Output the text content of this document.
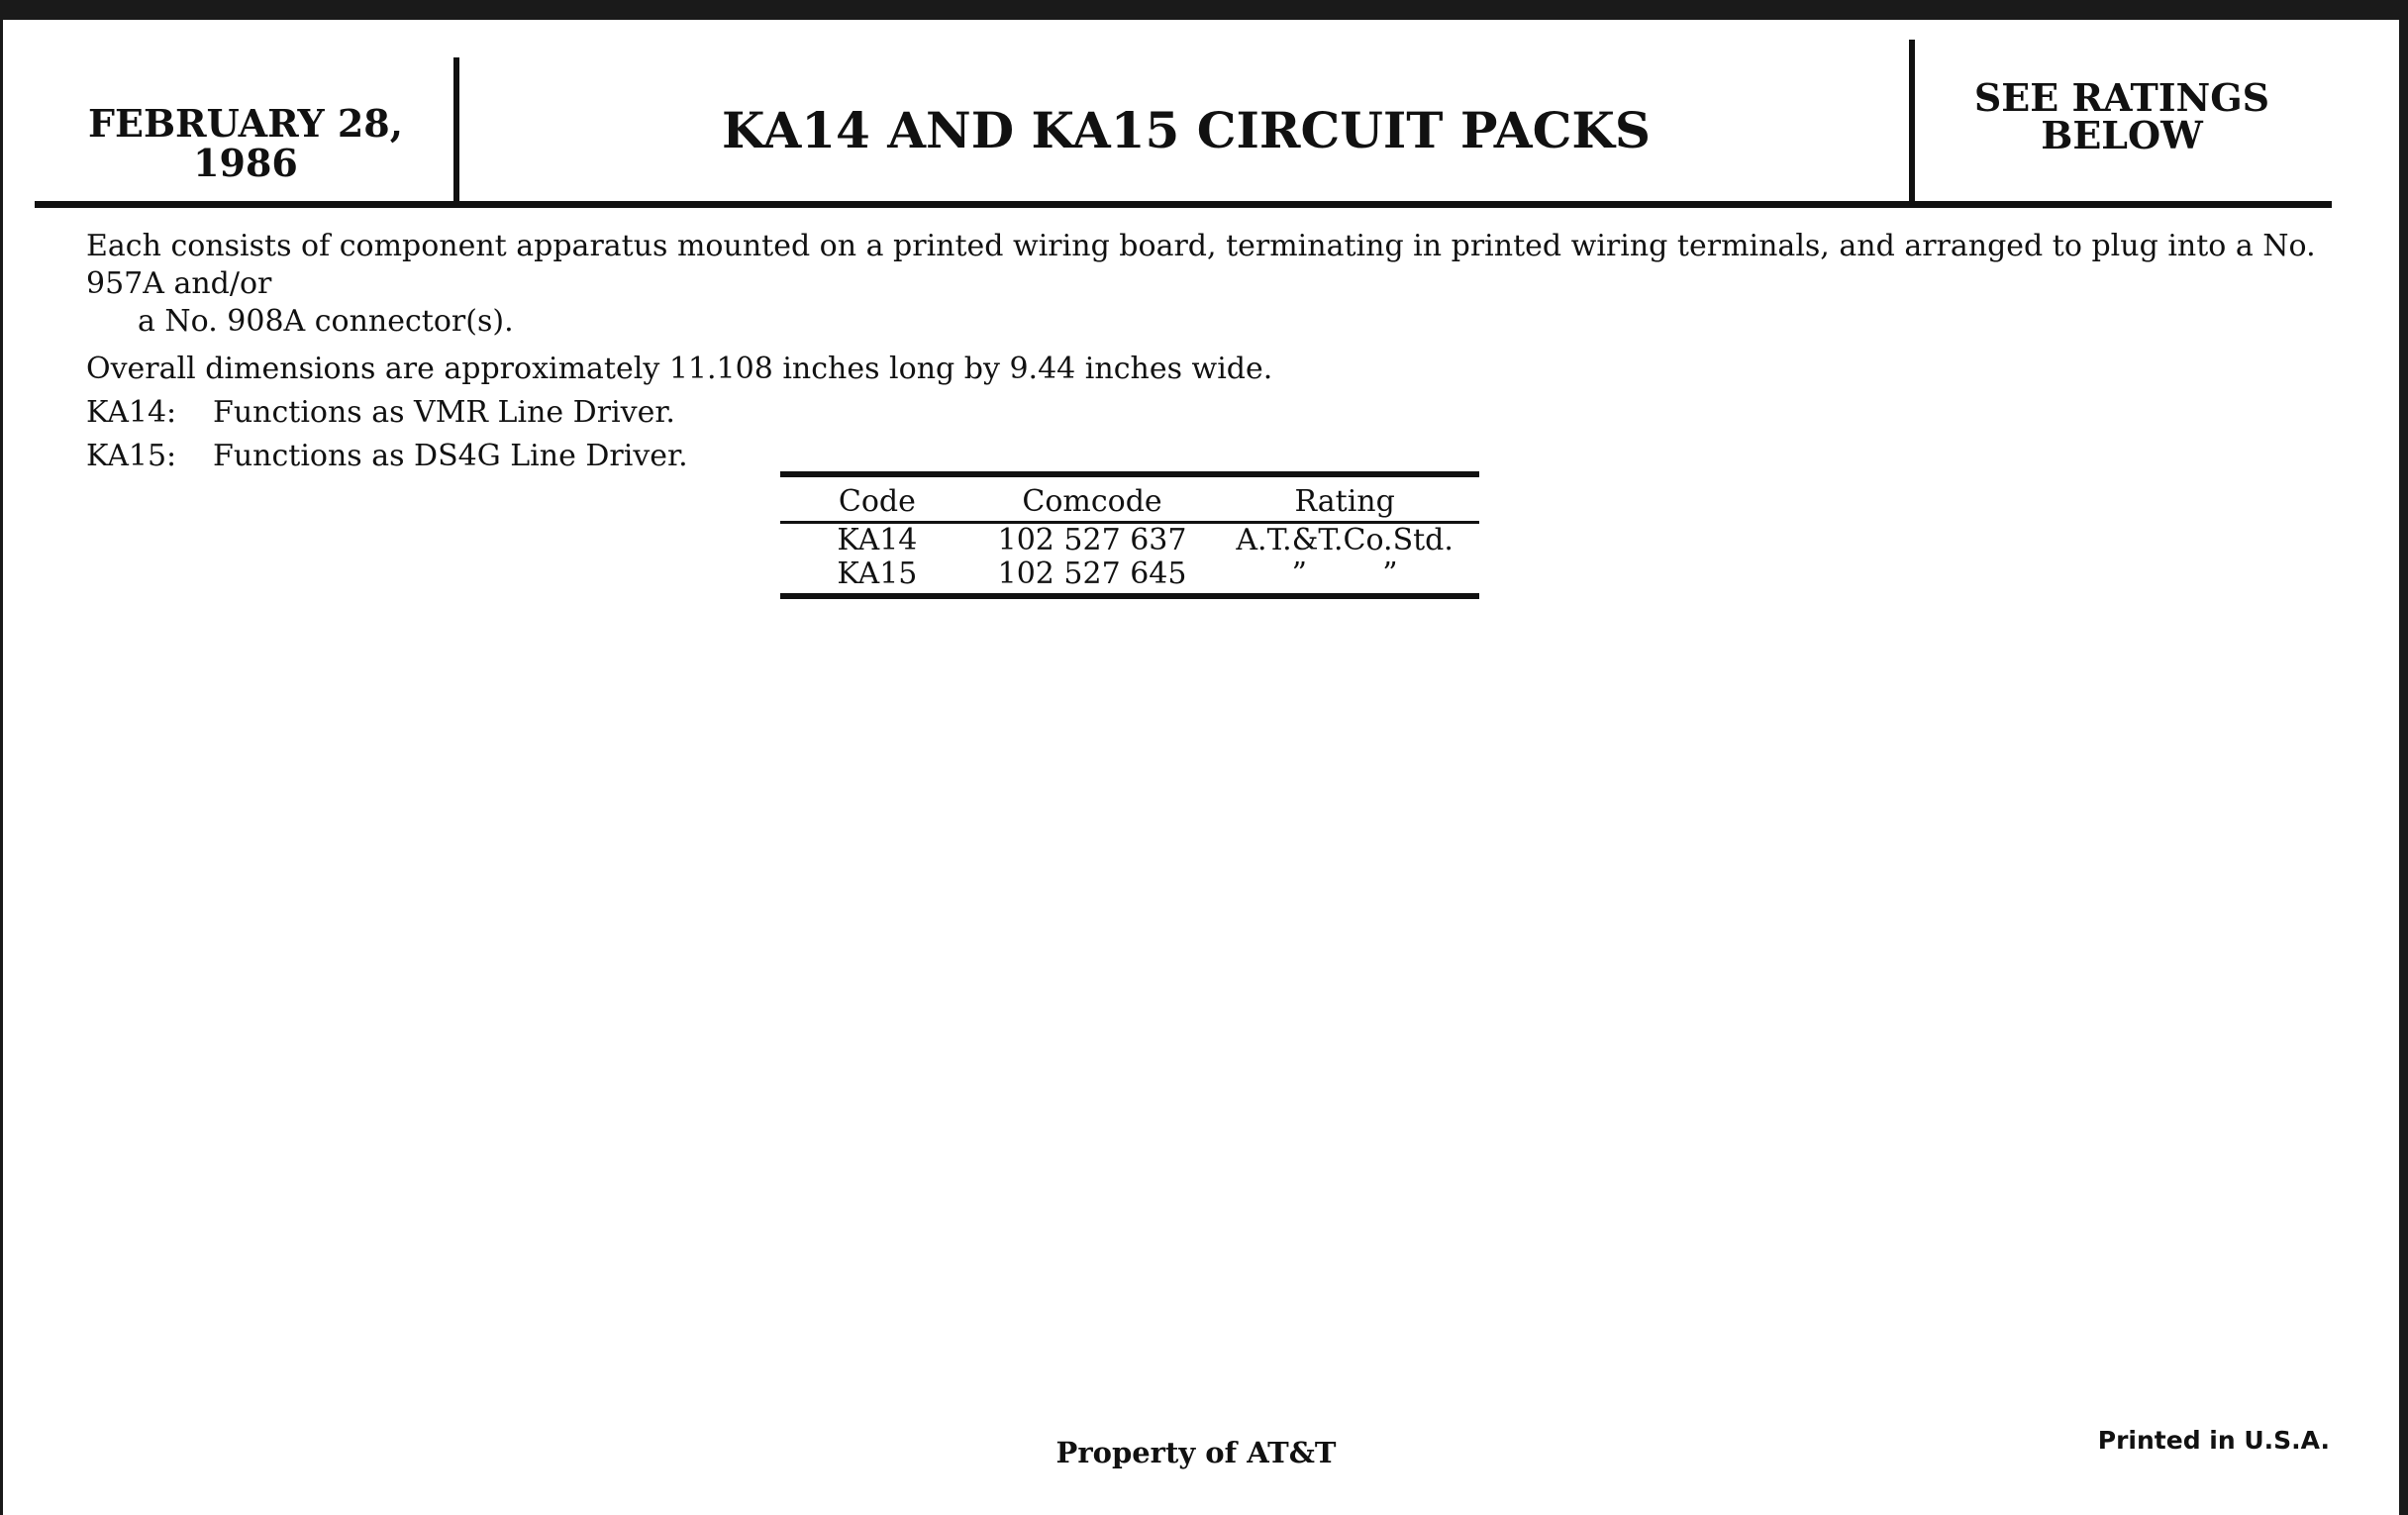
FEBRUARY 28,
1986
KA14 AND KA15 CIRCUIT PACKS
SEE RATINGS
BELOW

Each consists of component apparatus mounted on a printed wiring board, terminating in printed wiring terminals, and arranged to plug into a No. 957A and/or

a No. 908A connector(s).

Overall dimensions are approximately 11.108 inches long by 9.44 inches wide.

KA14:	Functions as VMR Line Driver.
KA15:	Functions as DS4G Line Driver.
Code	Comcode	Rating
KA14	102 527 637	A.T.&T.Co.Std.
KA15	102 527 645	”        ”
Property of AT&T	Printed in U.S.A.
